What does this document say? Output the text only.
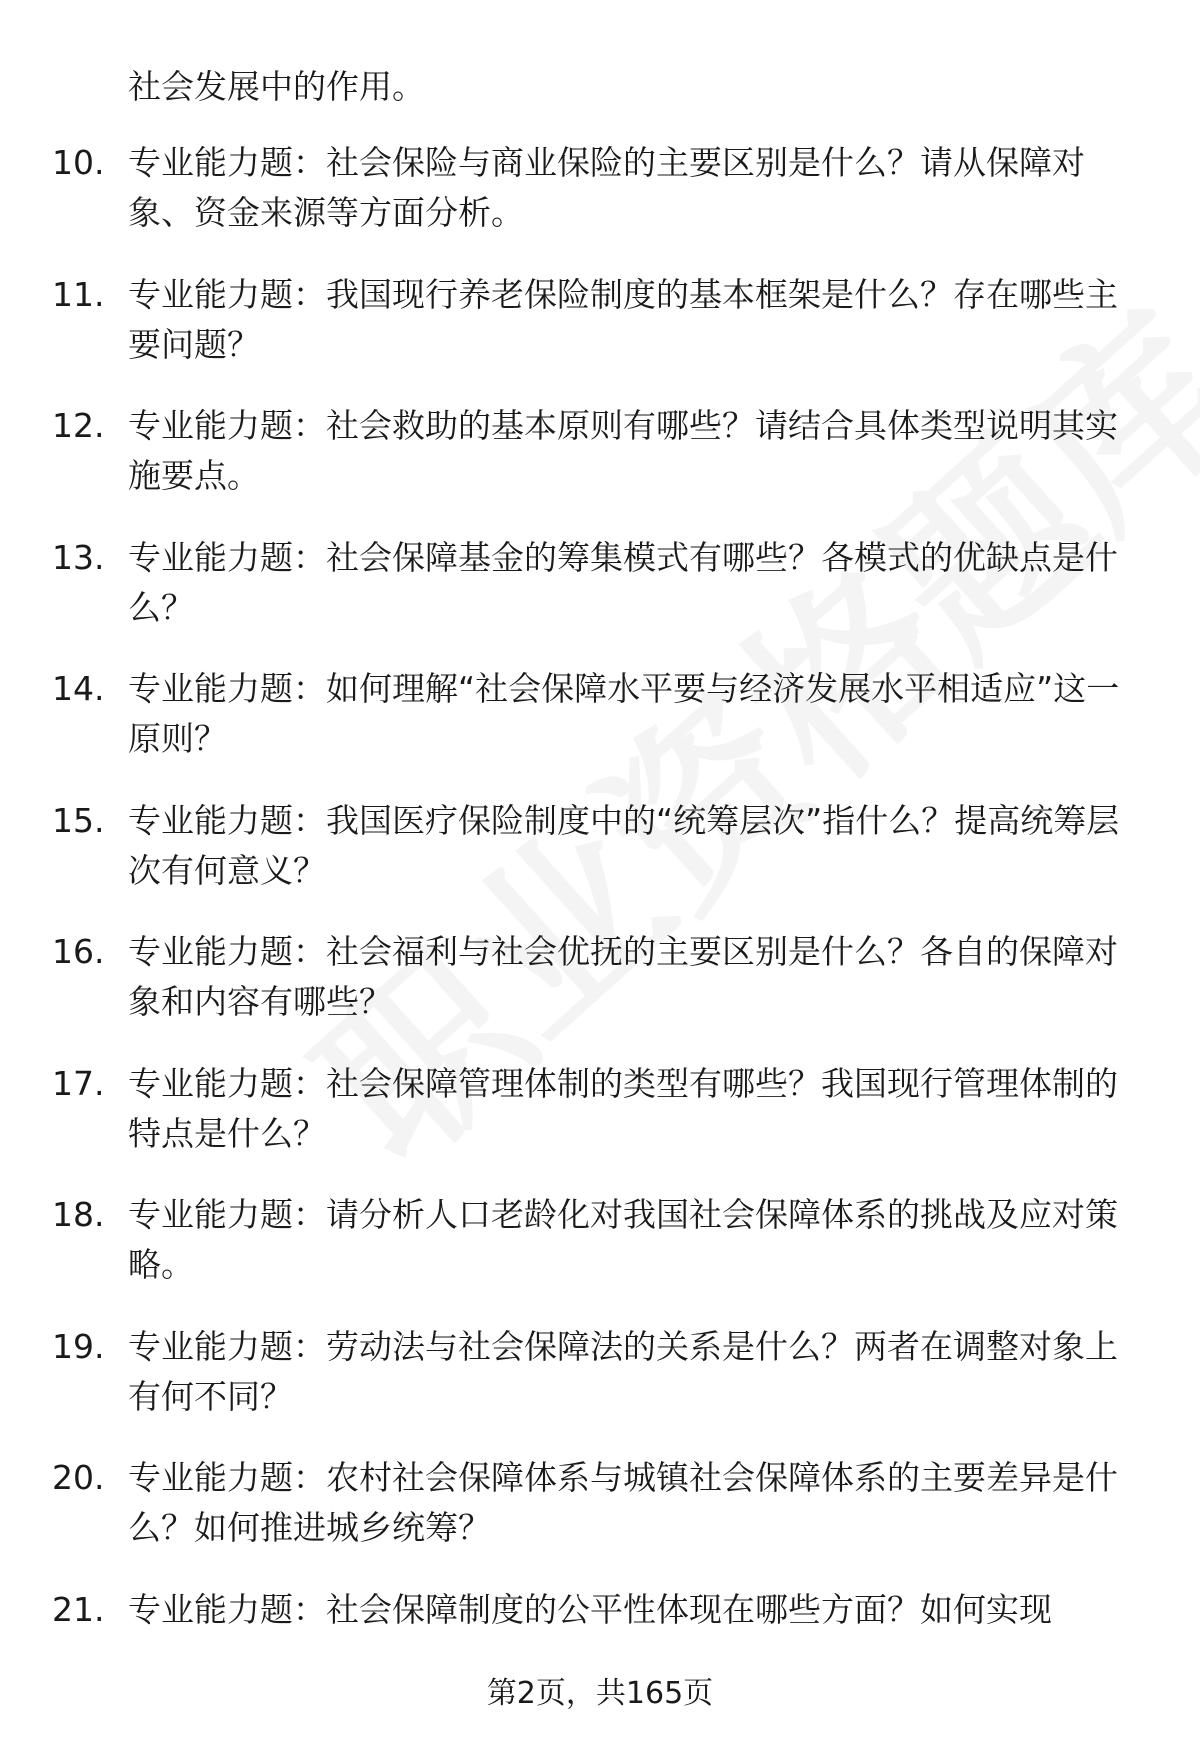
社会发展中的作用。
10. 专业能力题：社会保险与商业保险的主要区别是什么？请从保障对象、资金来源等方面分析。
11. 专业能力题：我国现行养老保险制度的基本框架是什么？存在哪些主要问题？
12. 专业能力题：社会救助的基本原则有哪些？请结合具体类型说明其实施要点。
13. 专业能力题：社会保障基金的筹集模式有哪些？各模式的优缺点是什么？
14. 专业能力题：如何理解“社会保障水平要与经济发展水平相适应”这一原则？
15. 专业能力题：我国医疗保险制度中的“统筹层次”指什么？提高统筹层次有何意义？
16. 专业能力题：社会福利与社会优抚的主要区别是什么？各自的保障对象和内容有哪些？
17. 专业能力题：社会保障管理体制的类型有哪些？我国现行管理体制的特点是什么？
18. 专业能力题：请分析人口老龄化对我国社会保障体系的挑战及应对策略。
19. 专业能力题：劳动法与社会保障法的关系是什么？两者在调整对象上有何不同？
20. 专业能力题：农村社会保障体系与城镇社会保障体系的主要差异是什么？如何推进城乡统筹？
21. 专业能力题：社会保障制度的公平性体现在哪些方面？如何实现
第2页，共165页
